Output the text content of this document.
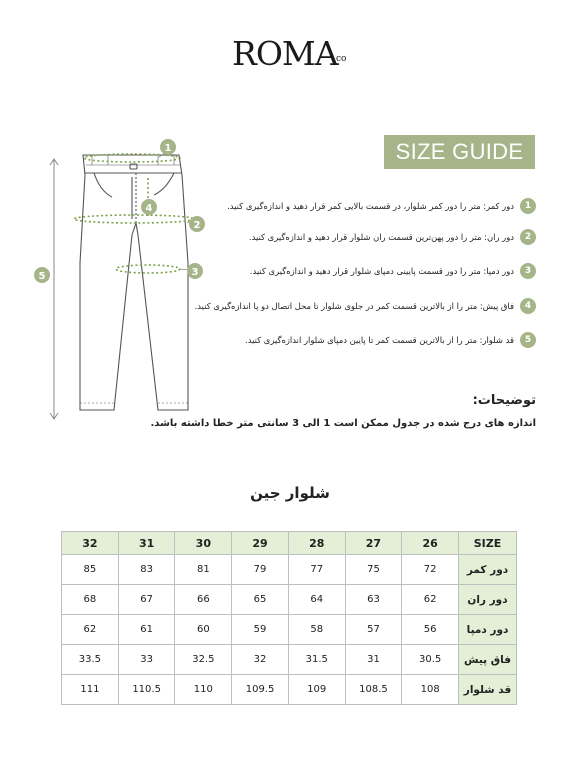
ROMA
co
SIZE GUIDE
1
2
3
4
5
1
دور کمر: متر را دور کمر شلوار، در قسمت بالایی کمر قرار دهید و اندازه‌گیری کنید.
2
دور ران: متر را دور پهن‌ترین قسمت ران شلوار قرار دهید و اندازه‌گیری کنید.
3
دور دمپا: متر را دور قسمت پایینی دمپای شلوار قرار دهید و اندازه‌گیری کنید.
4
فاق پیش: متر را از بالاترین قسمت کمر در جلوی شلوار تا محل اتصال دو پا اندازه‌گیری کنید.
5
قد شلوار: متر را از بالاترین قسمت کمر تا پایین دمپای شلوار اندازه‌گیری کنید.
توضیحات:
اندازه های درج شده در جدول ممکن است 1 الی 3 سانتی متر خطا داشته باشد.
شلوار جین
SIZE	26	27	28	29	30	31	32
دور کمر	72	75	77	79	81	83	85
دور ران	62	63	64	65	66	67	68
دور دمپا	56	57	58	59	60	61	62
فاق پیش	30.5	31	31.5	32	32.5	33	33.5
قد شلوار	108	108.5	109	109.5	110	110.5	111
